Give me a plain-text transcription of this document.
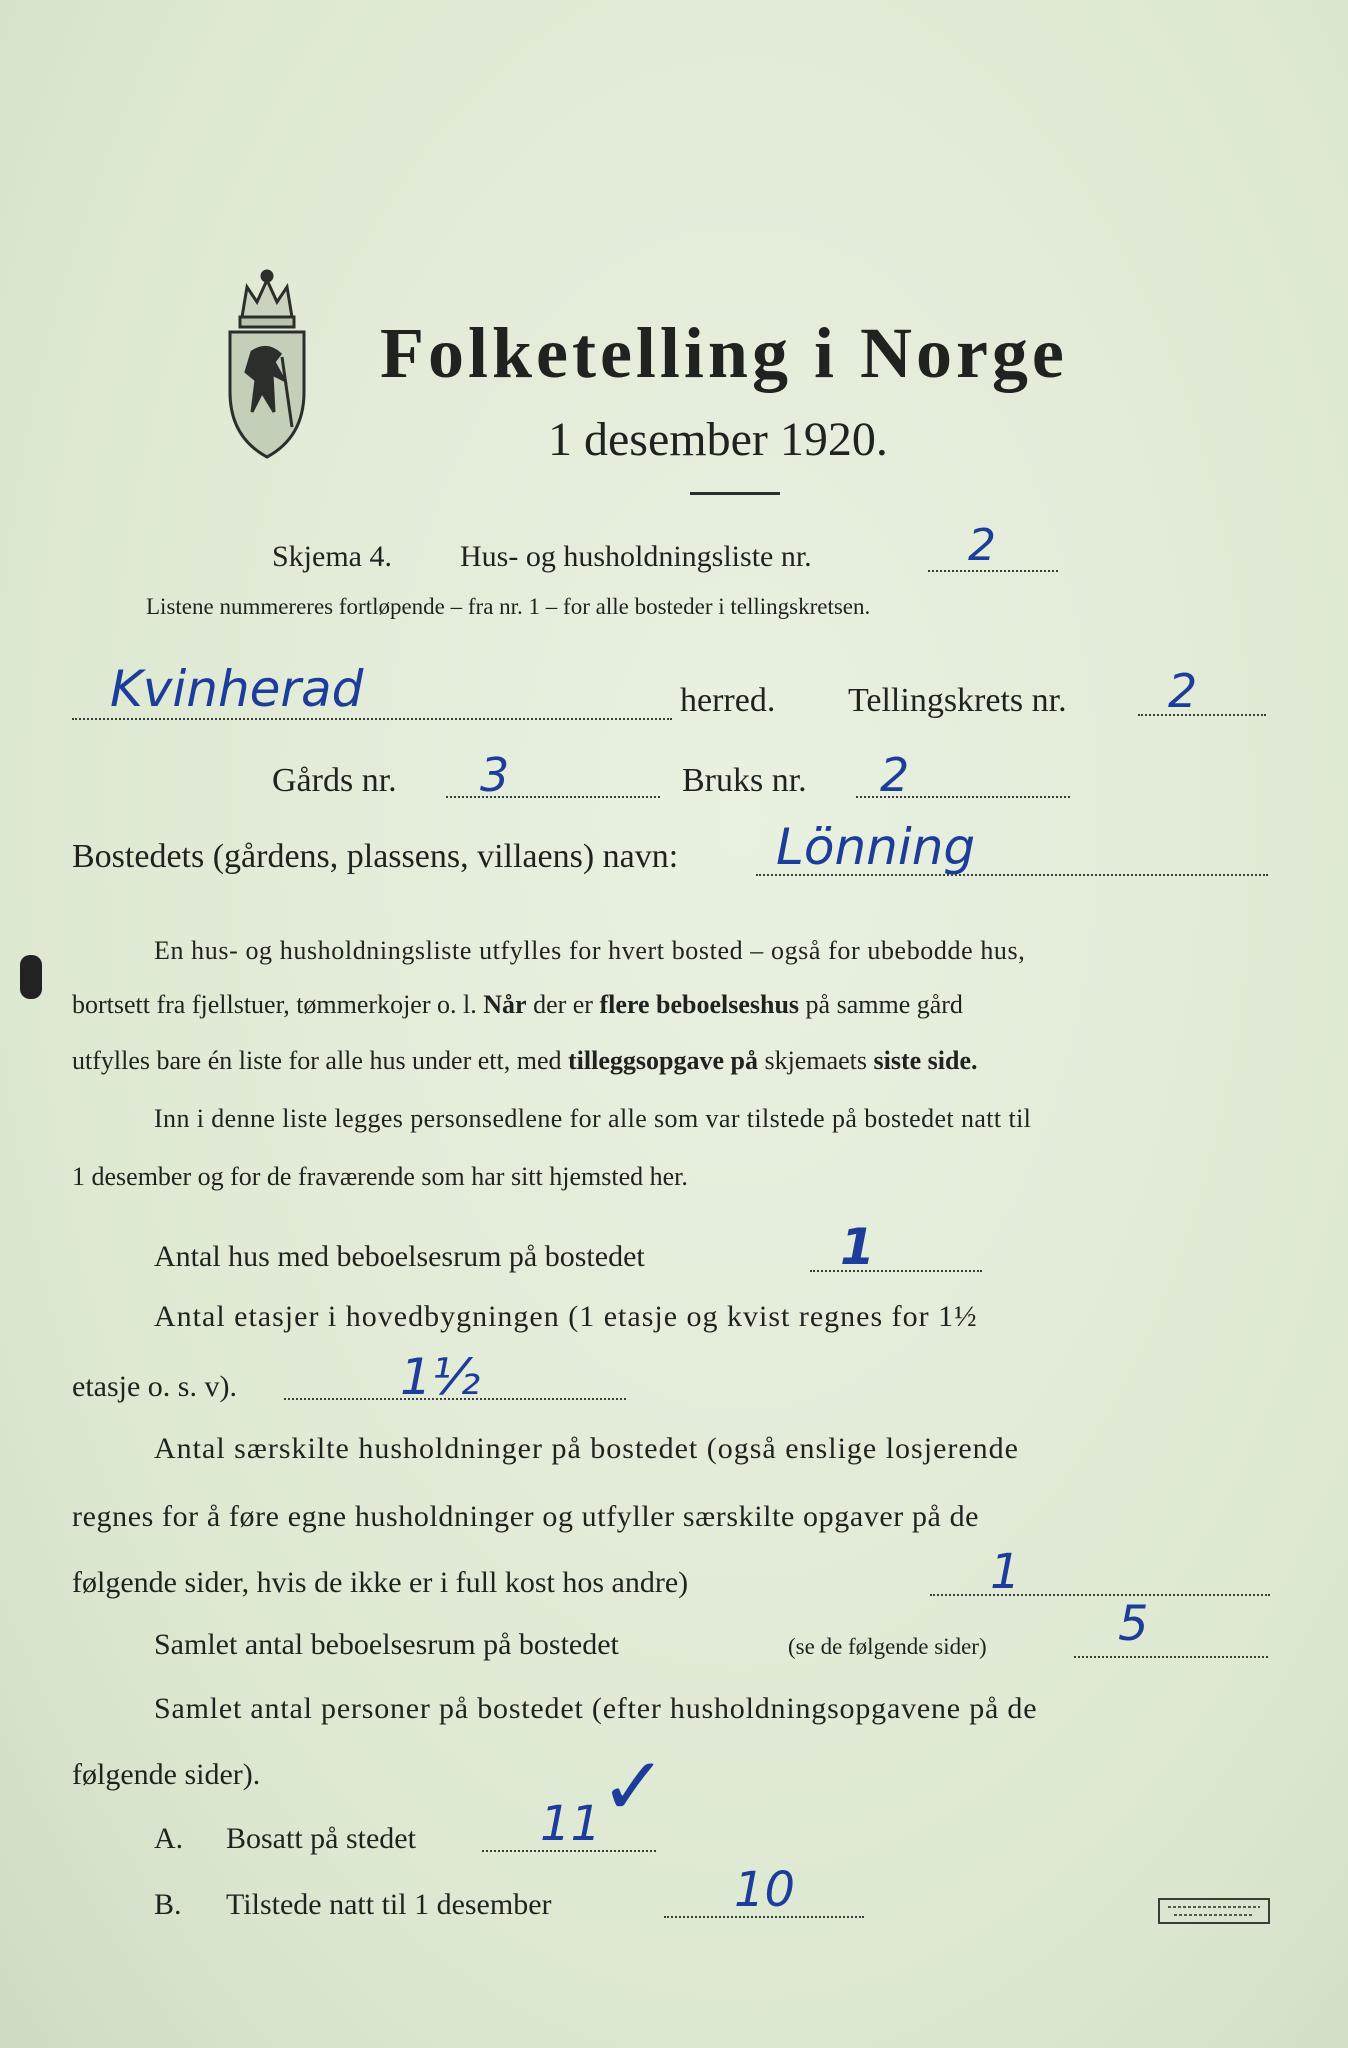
Folketelling i Norge
1 desember 1920.
Skjema 4. Hus- og husholdningsliste nr.	2
Listene nummereres fortløpende – fra nr. 1 – for alle bosteder i tellingskretsen.
Kvinherad	herred. Tellingskrets nr. 2
Gårds nr. 3	Bruks nr. 2
Bostedets (gårdens, plassens, villaens) navn: Lönning
En hus- og husholdningsliste utfylles for hvert bosted – også for ubebodde hus,
bortsett fra fjellstuer, tømmerkojer o. l. Når der er flere beboelseshus på samme gård
utfylles bare én liste for alle hus under ett, med tilleggsopgave på skjemaets siste side.
Inn i denne liste legges personsedlene for alle som var tilstede på bostedet natt til
1 desember og for de fraværende som har sitt hjemsted her.
Antal hus med beboelsesrum på bostedet	1
Antal etasjer i hovedbygningen (1 etasje og kvist regnes for 1½
etasje o. s. v).	1½
Antal særskilte husholdninger på bostedet (også enslige losjerende
regnes for å føre egne husholdninger og utfyller særskilte opgaver på de
følgende sider, hvis de ikke er i full kost hos andre)	1
Samlet antal beboelsesrum på bostedet	(se de følgende sider)	5
Samlet antal personer på bostedet (efter husholdningsopgavene på de
følgende sider).
A. Bosatt på stedet	11
✓
B. Tilstede natt til 1 desember	10
